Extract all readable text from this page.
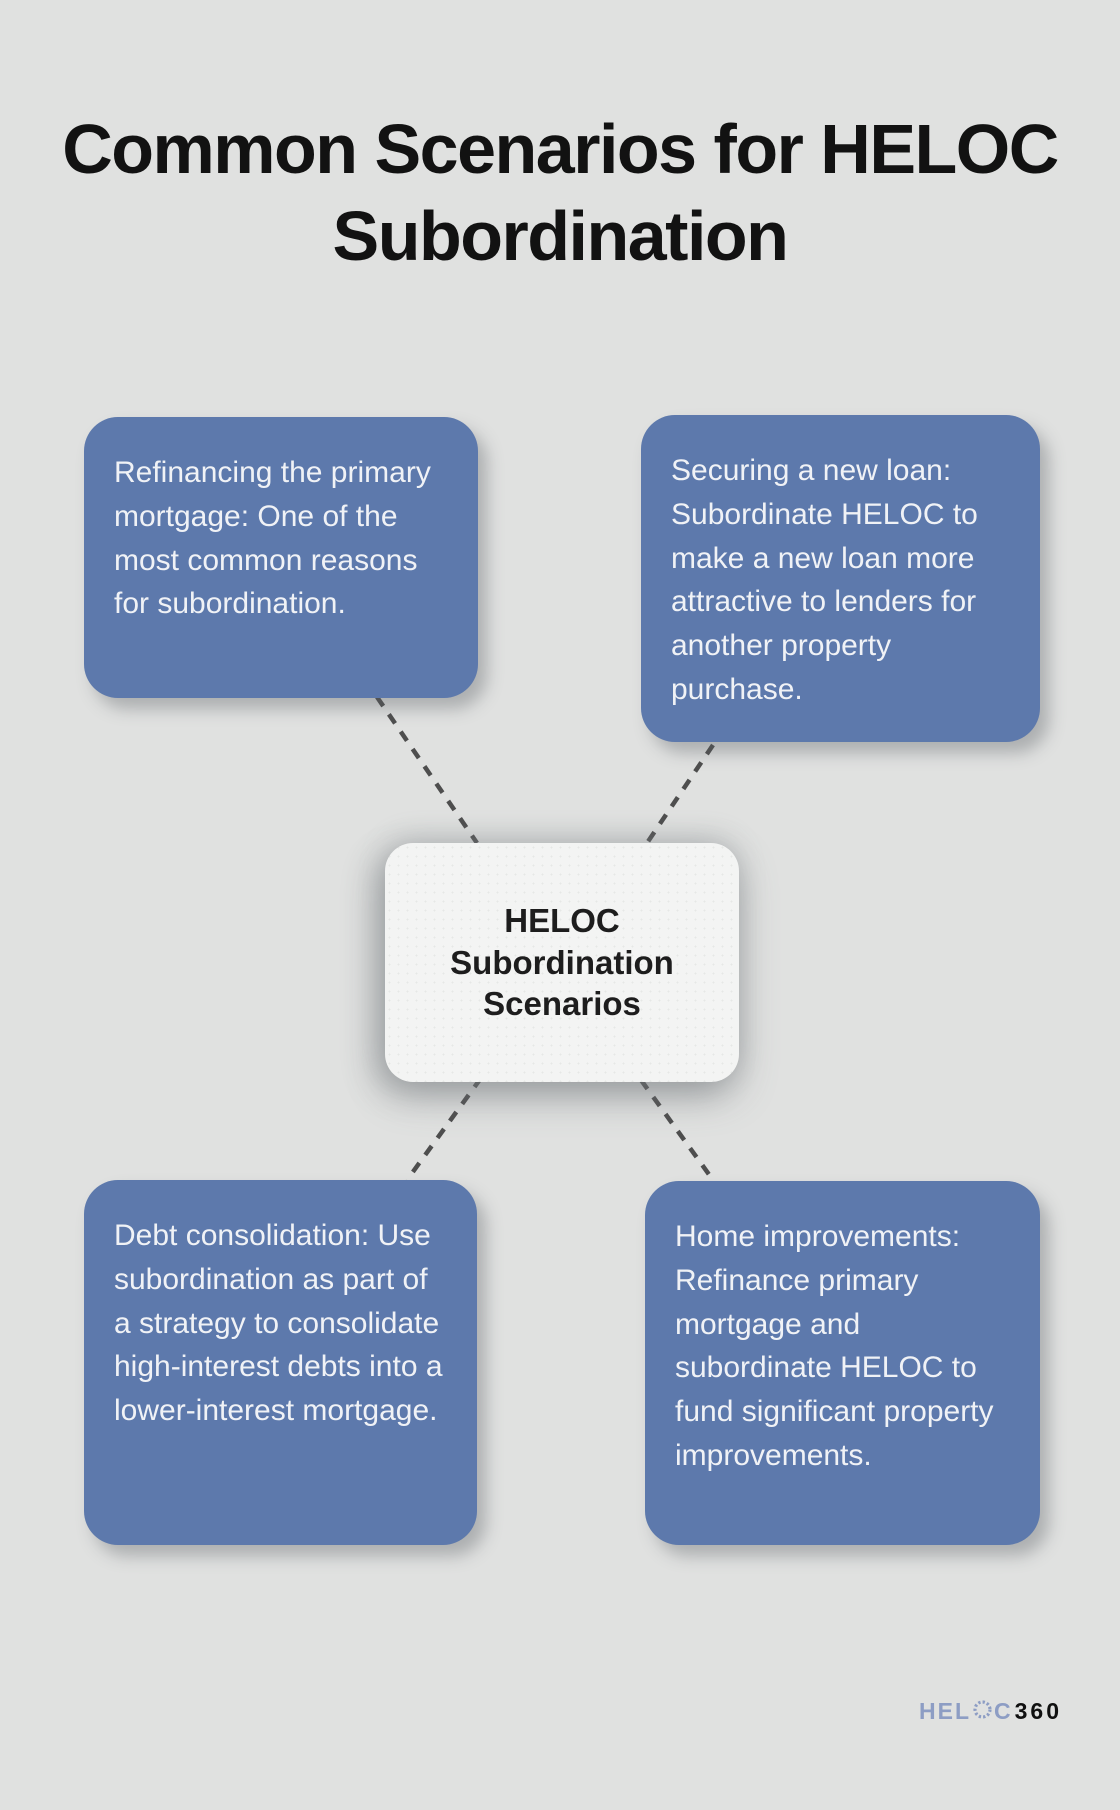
Common Scenarios for HELOC Subordination
Refinancing the primary mortgage: One of the most common reasons for subordination.
Securing a new loan: Subordinate HELOC to make a new loan more attractive to lenders for another property purchase.
HELOC Subordination Scenarios
Debt consolidation: Use subordination as part of a strategy to consolidate high-interest debts into a lower-interest mortgage.
Home improvements: Refinance primary mortgage and subordinate HELOC to fund significant property improvements.
HEL C 360
